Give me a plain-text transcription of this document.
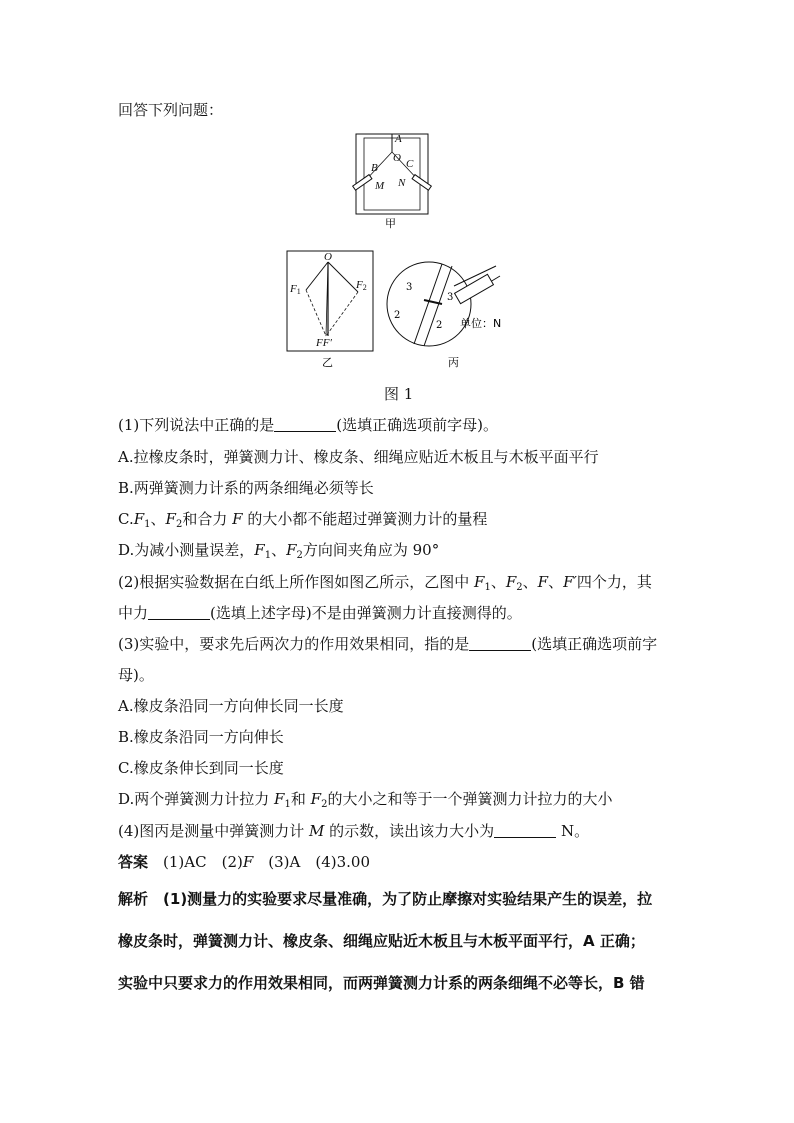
回答下列问题：
A
O
B	C
M N
甲
O
F1
F2
FF′
乙
3
3
2
2 单位：N
丙
图 1
(1)下列说法中正确的是	(选填正确选项前字母)。
A.拉橡皮条时，弹簧测力计、橡皮条、细绳应贴近木板且与木板平面平行
B.两弹簧测力计系的两条细绳必须等长
$C.F_1$、$F_2$和合力 F 的大小都不能超过弹簧测力计的量程
D.为减小测量误差，$F_1$、$F_2$方向间夹角应为 90°
(2)根据实验数据在白纸上所作图如图乙所示，乙图中 $F_1$、$F_2$、F、F′四个力，其
中力	(选填上述字母)不是由弹簧测力计直接测得的。
(3)实验中，要求先后两次力的作用效果相同，指的是	(选填正确选项前字
母)。
A.橡皮条沿同一方向伸长同一长度
B.橡皮条沿同一方向伸长
C.橡皮条伸长到同一长度
D.两个弹簧测力计拉力 $F_1$和 $F_2$的大小之和等于一个弹簧测力计拉力的大小
(4)图丙是测量中弹簧测力计 M 的示数，读出该力大小为	N。
答案　 (1)AC　(2)F　 (3)A　(4)3.00
解析　 (1)测量力的实验要求尽量准确，为了防止摩擦对实验结果产生的误差，拉
橡皮条时，弹簧测力计、橡皮条、细绳应贴近木板且与木板平面平行，A 正确；
实验中只要求力的作用效果相同，而两弹簧测力计系的两条细绳不必等长，B 错
